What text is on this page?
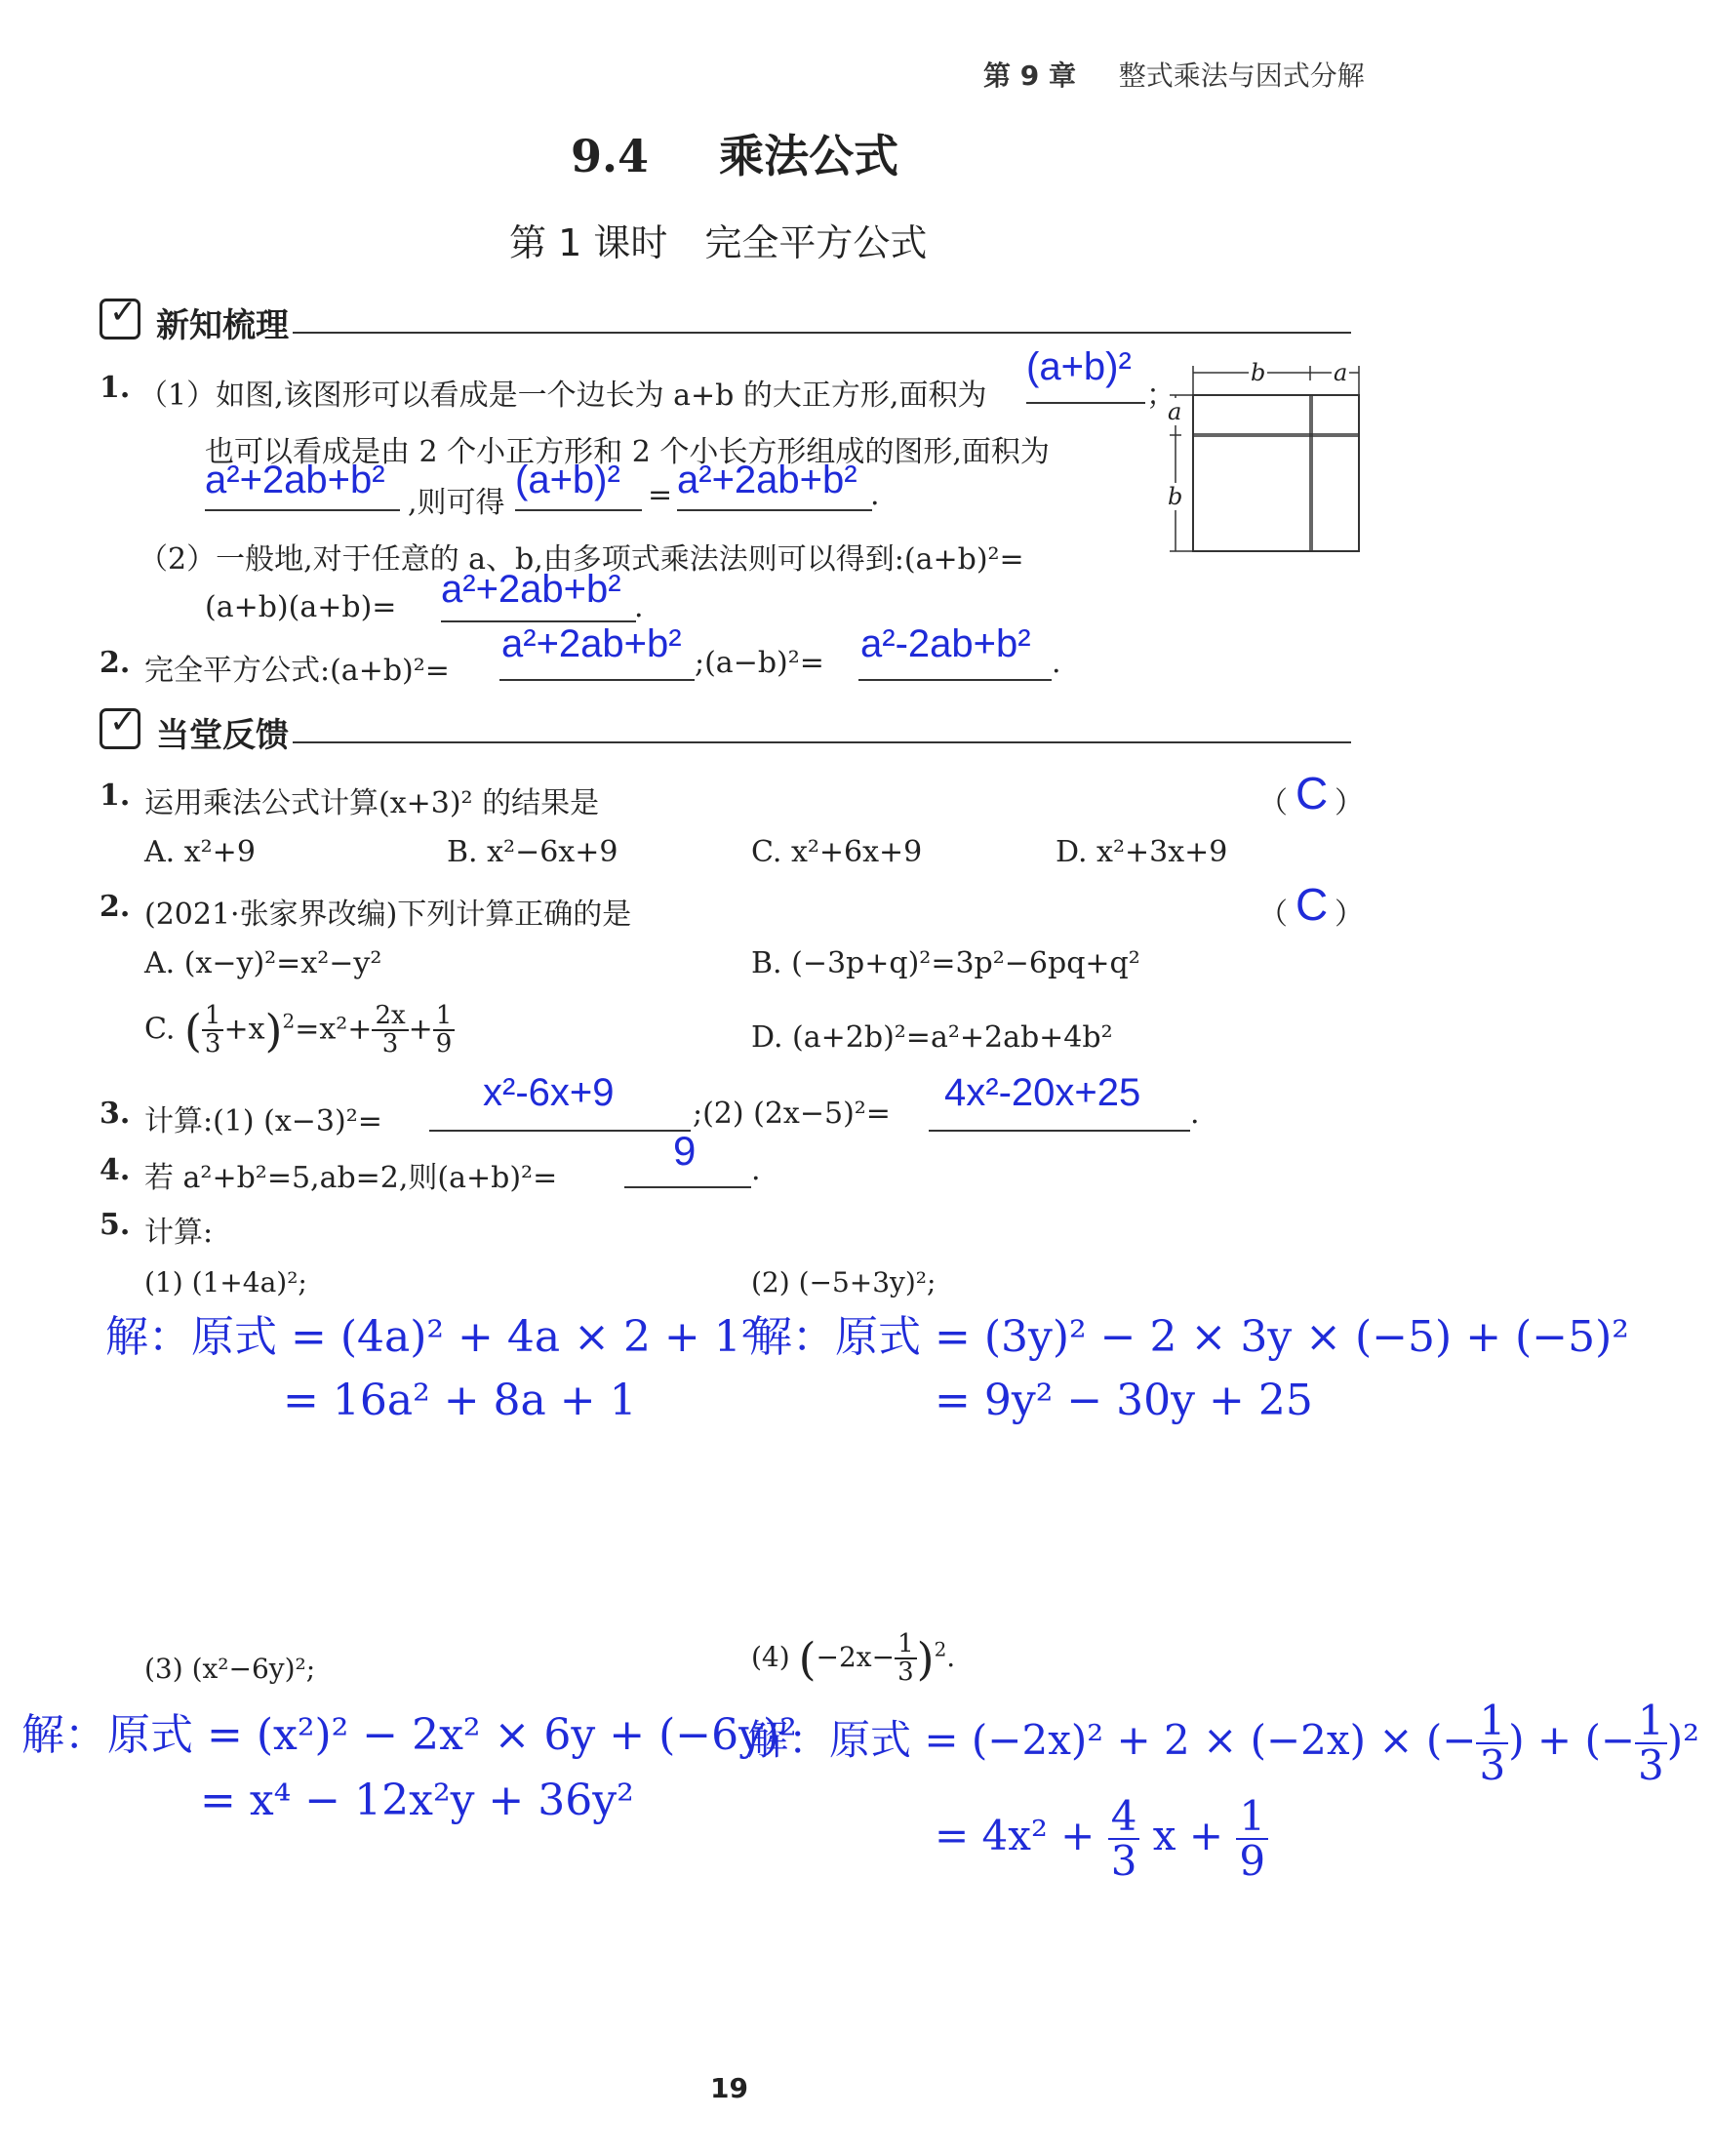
第 9 章 整式乘法与因式分解
9.4 乘法公式
第 1 课时　完全平方公式
✓ 新知梳理
b	a
a
b
1. （1）如图,该图形可以看成是一个边长为 a+b 的大正方形,面积为
(a+b)²
；
也可以看成是由 2 个小正方形和 2 个小长方形组成的图形,面积为
a²+2ab+b²
,则可得
(a+b)² = a²+2ab+b² .
（2）一般地,对于任意的 a、b,由多项式乘法法则可以得到:(a+b)²=
(a+b)(a+b)= a²+2ab+b² .
2. 完全平方公式:(a+b)²=
a²+2ab+b² ;(a−b)²= a²-2ab+b² .
✓ 当堂反馈
1. 运用乘法公式计算(x+3)² 的结果是	（ C ）
A. x²+9	B. x²−6x+9	C. x²+6x+9	D. x²+3x+9
2. (2021·张家界改编)下列计算正确的是	（ C ）
A. (x−y)²=x²−y²	B. (−3p+q)²=3p²−6pq+q²
C. ( $\frac{1}{3} +x)^2=x^2+ \frac{2x}{3} + \frac{1}{9}$	D. (a+2b)²=a²+2ab+4b²
3. 计算:(1) (x−3)²=
x²-6x+9	;(2) (2x−5)²= 4x²-20x+25 .
4. 若 a²+b²=5,ab=2,则(a+b)²=
9 .
5. 计算:
(1) (1+4a)²;	(2) (−5+3y)²;
解：原式 = (4a)² + 4a × 2 + 1²
= 16a² + 8a + 1
解：原式 = (3y)² − 2 × 3y × (−5) + (−5)²
= 9y² − 30y + 25
(3) (x²−6y)²;	(4) $(-2x- \frac{1}{3} )^2$.
解：原式 = (x²)² − 2x² × 6y + (−6y)²
= x⁴ − 12x²y + 36y²
解：原式 = (−2x)² + 2 × (−2x) × (− $\frac{1}{3}$ ) + (− $\frac{1}{3} )^2$
= $4x^2 + \frac{4}{3}$ $x + \frac{1}{9}$
19
